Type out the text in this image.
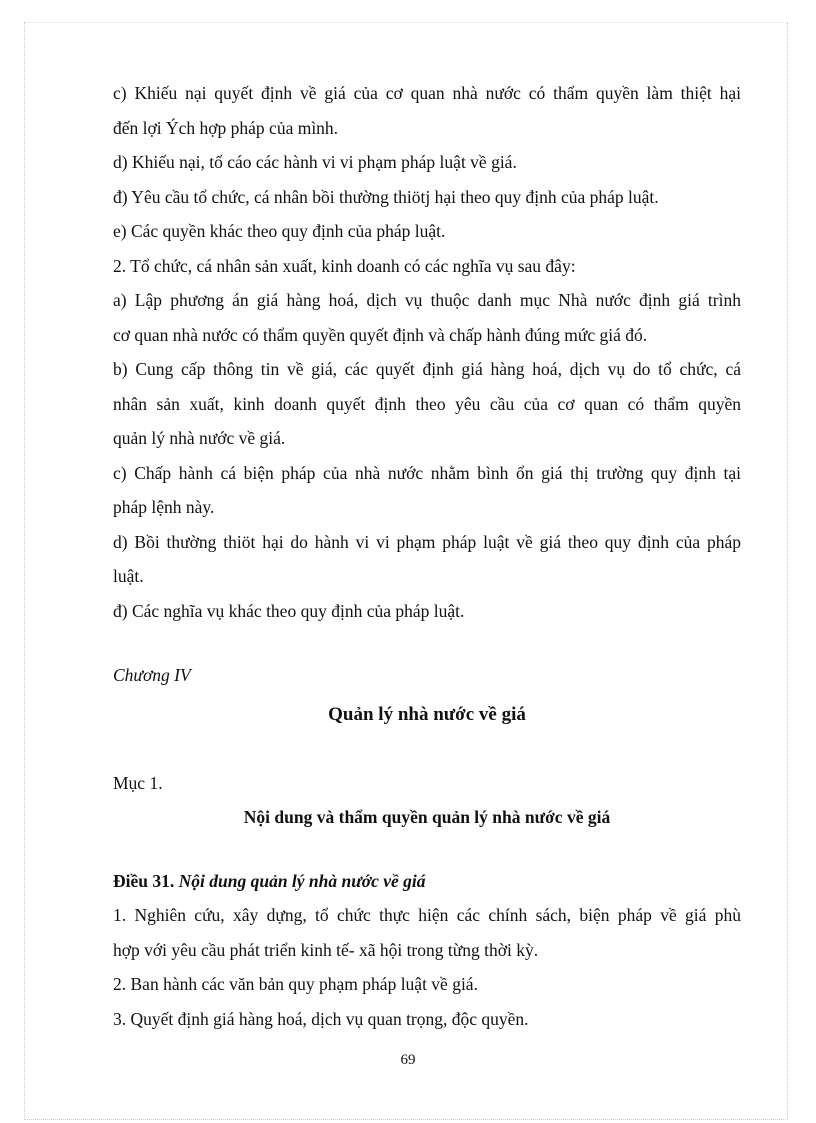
c) Khiếu nại quyết định về giá của cơ quan nhà nước có thẩm quyền làm thiệt hại
đến lợi Ých hợp pháp của mình.
d) Khiếu nại, tố cáo các hành vi vi phạm pháp luật về giá.
đ) Yêu cầu tổ chức, cá nhân bồi thường thiötj hại theo quy định của pháp luật.
e) Các quyền khác theo quy định của pháp luật.
2. Tổ chức, cá nhân sản xuất, kinh doanh có các nghĩa vụ sau đây:
a) Lập phương án giá hàng hoá, dịch vụ thuộc danh mục Nhà nước định giá trình
cơ quan nhà nước có thẩm quyền quyết định và chấp hành đúng mức giá đó.
b) Cung cấp thông tin về giá, các quyết định giá hàng hoá, dịch vụ do tổ chức, cá
nhân sản xuất, kinh doanh quyết định theo yêu cầu của cơ quan có thẩm quyền
quản lý nhà nước về giá.
c) Chấp hành cá biện pháp của nhà nước nhằm bình ổn giá thị trường quy định tại
pháp lệnh này.
d) Bồi thường thiöt hại do hành vi vi phạm pháp luật về giá theo quy định của pháp
luật.
đ) Các nghĩa vụ khác theo quy định của pháp luật.
Chương IV
Quản lý nhà nước về giá
Mục 1.
Nội dung và thẩm quyền quản lý nhà nước về giá
Điều 31. Nội dung quản lý nhà nước về giá
1. Nghiên cứu, xây dựng, tổ chức thực hiện các chính sách, biện pháp về giá phù
hợp với yêu cầu phát triển kinh tế- xã hội trong từng thời kỳ.
2. Ban hành các văn bản quy phạm pháp luật về giá.
3. Quyết định giá hàng hoá, dịch vụ quan trọng, độc quyền.
69
